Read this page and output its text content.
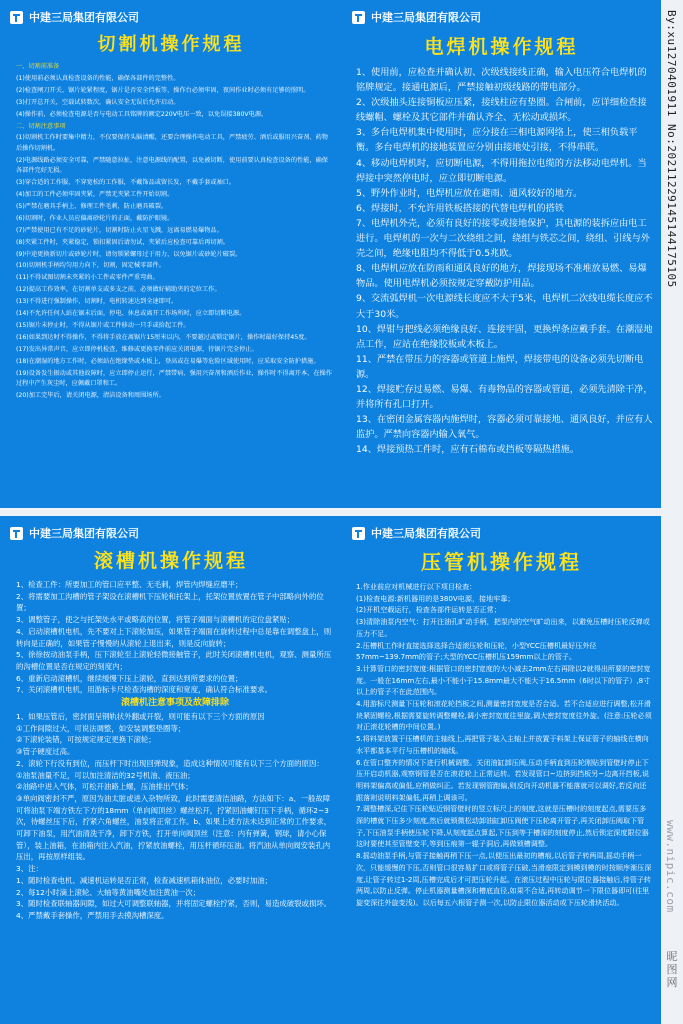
中建三局集团有限公司
切割机操作规程
一、切割前准备
(1)使用前必须认真检查设备的性能，确保各部件的完整性。
(2)检查闸刀开关、锯片轮紧程度，锯片是否安全挡板等，操作台必须牢固，夜间作业时必须有足够的照明。
(3)打开总开关，空载试转数次，确认安全无误后允许启动。
(4)操作前，必须检查电源是否与电动工具铭牌的额定220V电压一致，以免误接380V电源。
二、切割注意事项
(1)切割机工作时要集中精力，不仅要保持头脑清醒，还要合理操作电动工具，严禁疲劳、酒后或服用兴奋剂、药物后操作切割机。
(2)电源线路必须安全可靠，严禁随意拉扯，注意电源线的配置，以免被切断，使用前要认真检查设备的性能，确保各部件完好无损。
(3)穿合适的工作服，不穿宽松的工作服，不戴饰品或留长发，不戴手套或袖口。
(4)加工的工件必须牢固夹紧，严禁无夹紧工件开始切割。
(5)严禁在磨具手柄上、修理工件毛刺，防止磨具破裂。
(6)切割时，作业人员应偏离砂轮片的正面，戴防护眼镜。
(7)严禁使用已有不足的砂轮片，切割时防止火星飞溅，远离易燃易爆物品。
(8)夹紧工件时，夹紧稳定，锁扣紧固后请勿试，夹紧后应检查可靠后再切割。
(9)中途更换新切片或砂轮片时，请勿锁紧螺母过于用力，以免锯片或砂轮片破裂。
(10)切割机手柄均匀用力向下，切割，固定械零部件。
(11)不得试图切割未夹紧的小工件或零件严重弯曲。
(12)提高工作效率，在切割单支或多支之前，必须做好辅助夹的定位工作。
(13)不得进行强制操作，切割时，电机转速达到全速即可。
(14)不允许任何人站在锯末后面，停电、休息或离开工作场所时，应立即切断电源。
(15)锯片未停止时，不得从锯片或工件移动一只手或拾起工件。
(16)如果到达时不得操作，不得将手放在离锯片15厘米以内，不要越过或锁定锯片，操作时最好保持45度。
(17)发出异常声音，应立即停机检查，维修或更换零件前应关闭电源，待锯片完全停止。
(18)在潮湿的地方工作时，必须站在绝缘垫或木板上，登高或在易爆等危险区域使用时，应采取安全防护措施。
(19)设备发生振动或其他故障时，应立即停止运行，严禁带病、强用兴奋剂和酒后作业，操作时不得离开本，在操作过程中产生灰尘时，应佩戴口罩和工。
(20)加工完毕后，请关闭电源，清洁设备和周围场所。
中建三局集团有限公司
电焊机操作规程
1、使用前，应检查并确认初、次级线接线正确，输入电压符合电焊机的铭牌规定。接通电源后，严禁接触初级线路的带电部分。
2、次级抽头连接铜板应压紧，接线柱应有垫圈。合闸前，应详细检查接线螺帽、螺栓及其它部件并确认齐全、无松动或损坏。
3、多台电焊机集中使用时，应分接在三相电源网络上，使三相负载平衡。多台电焊机的接地装置应分别由接地处引接，不得串联。
4、移动电焊机时，应切断电源，不得用拖拉电缆的方法移动电焊机。当焊接中突然停电时，应立即切断电源。
5、野外作业时，电焊机应放在避雨、通风较好的地方。
6、焊接时，不允许用铁板搭接的代替电焊机的搭铁
7、电焊机外壳，必须有良好的接零或接地保护，其电源的装拆应由电工进行。电焊机的一次与二次绕组之间，绕组与铁芯之间，绕组、引线与外壳之间，绝缘电阻均不得低于0.5兆欧。
8、电焊机应放在防雨和通风良好的地方，焊接现场不准堆放易燃、易爆物品。使用电焊机必须按规定穿戴防护用品。
9、交流弧焊机一次电源线长度应不大于5米，电焊机二次线电缆长度应不大于30米。
10、焊钳与把线必须绝缘良好、连接牢固，更换焊条应戴手套。在潮湿地点工作，应站在绝缘胶板或木板上。
11、严禁在带压力的容器或管道上施焊，焊接带电的设备必须先切断电源。
12、焊接贮存过易燃、易爆、有毒物品的容器或管道，必须先清除干净，并将所有孔口打开。
13、在密闭金属容器内施焊时，容器必须可靠接地、通风良好，并应有人监护。严禁向容器内输入氧气。
14、焊接预热工件时，应有石棉布或挡板等隔热措施。
中建三局集团有限公司
滚槽机操作规程
1、检查工件：所要加工的管口应平整、无毛刺，焊管内焊缝应磨平；
2、将需要加工沟槽的管子架设在滚槽机下压轮和托架上，托架位置放置在管子中部略向外的位置；
3、调整管子，使之与托架处水平或略高的位置，将管子端面与滚槽机的定位盘紧贴；
4、启动滚槽机电机，先不要对上下滚轮加压，如果管子端面在旋转过程中总是靠在调整盘上，则转向是正确的，如果管子慢慢的从滚轮上退出来，则是反向旋转；
5、徐徐按动油泵手柄，压下滚轮至上滚轮轻微接触管子，此时关闭滚槽机电机，观察、测量所压的沟槽位置是否在规定的刻度内；
6、重新启动滚槽机，继续缓慢下压上滚轮，直到达到所要求的位置；
7、关闭滚槽机电机，用游标卡尺检查沟槽的深度和宽度，确认符合标准要求。
滚槽机注意事项及故障排除
1、如果压管后，密封面呈钢轨状外翻或开裂，则可能有以下三个方面的原因
①工作间隙过大，可说法调整，如安装调整垫圈等；
②下滚轮装错，可按规定规定更换下滚轮；
③管子硬度过高。
2、滚轮下行没有到位，而压杆下时出现回弹现象，造成这种情况可能有以下三个方面的原因：
①油泵油量不足，可以加注清洁的32号机油、液压油；
②油路中进入气体，可松开油路上螺，压油排出气体；
③单向阀密封不严，原因为油太脏或进入杂物所致，此时需要清洁油路，方法如下：a、一般故障可将油泵下端方铁左下方的18mm（单向阀顶丝）螺丝松开，拧紧回油螺钉压下手柄，循环2~3次，待螺丝压下后，拧紧六角螺丝，油泵将正常工作。b、如果上述方法未达到正常的工作要求，可卸下油泵，用汽油清洗干净，卸下方铁，打开单向阀顶丝（注意：内有弹簧，钢球，请小心保管），装上油箱，在油箱内注入汽油，拧紧放油螺栓，用压杆循环压油。将汽油从单向阀安装孔内压出，再按原样组装。
3、注：
1、随时检查电机、减速机运转是否正常，检查减速机箱体油位，必要时加油；
2、每12小时滴上滚轮、大轴等黄油嘴处加注黄油一次；
3、随时检查联轴器间隙，如过大可调整联轴器，并将固定螺栓拧紧，否则，易造成破裂或损坏。
4、严禁戴手套操作，严禁用手去摸沟槽深度。
中建三局集团有限公司
压管机操作规程
1.作业前应对机械进行以下项目检查：
(1)检查电源:新机器用的是380V电源，接地牢靠；
(2)开机空载运行，检查各部件运转是否正常；
(3)清除油泵内空气：打开注油孔旷动手柄，把泵内的空气旷动出来，以避免压槽时压轮反弹或压力不足。
2.压槽机工作时直接选择选择合适滚压轮和压轮，小型YCC压槽机最好压外径57mm~139.7mm的管子;大型的YCC压槽机压159mm以上的管子。
3.计算管口的密封宽度:根据管口的密封宽度的大小减去2mm左右再除以2就得出所要的密封宽度。一般在16mm左右,最小不能小于15.8mm最大不能大于16.5mm（6时以下的管子）,8寸以上的管子不在此范围内。
4.用游标尺测量下压轮和滚花轮挡板之间,测量密封宽度是否合适。若不合适应进行调整,松开滑块紧固螺栓,根据需要旋转调整螺栓,调小密封宽度往里旋,调大密封宽度往外旋。(注意:压轮必须对正滚花轮槽的中间位置。)
5.将料架放置于压槽机的主轴线上,再把管子装入主轴上并放置于料架上保证管子的轴线在横向水平都基本平行与压槽机的轴线。
6.在管口整齐的情况下进行机械调整。关闭油缸卸压阀,压动手柄直到压轮刚贴到管壁时停止下压开启动机器,观察钢管是否在滚花轮上正常运转。若发现管口~边挤到挡板另~边离开挡板,说明料架偏高或偏低,应稍做纠正。若发现钢管跑偏,则反向开动机器不能落就可以调好,若反向还跟落则说明料架偏低,再稍上调该可。
7.调整槽深,记住下压轮贴近钢管壁时的竖立标尺上的刻度,这就是压槽时的刻度起点,需要压多深的槽就下压多少刻度,然后就锁微松动卸油缸卸压阀使下压轮离开管子,再关闭卸压阀取下管子,下压油泵手柄使压轮下降,从刻度起点算起,下压到等于槽深的刻度停止,然后锁定深度限位器这时要使其至管壁变平,等到压痕第一辊子洞后,再做锁槽调整。
8.摇动油泵手柄,与管子接触再稍下压一点,以便压出最初的槽痕,以后管子转两周,摇动手柄一次，只能缓慢的下压,否则管口很容易扩口或将管子压破,当滑座限定到模到模的时按顺序渐压深度,让管子转过1-2周,压槽完成后才可把压轮升起。在滚压过程中压轮与限位器接触后,待管子转两周,以防止反弹。停止机器测量槽深和槽底直径,如果不合适,再转动调节一下限位器即可(往里旋变深往外旋变浅)。以后每五六根管子测一次,以防止限位器活动或下压轮滑块活动。
By:xu1270401911 No:20211229145144175105
www.nipic.com
昵图网
